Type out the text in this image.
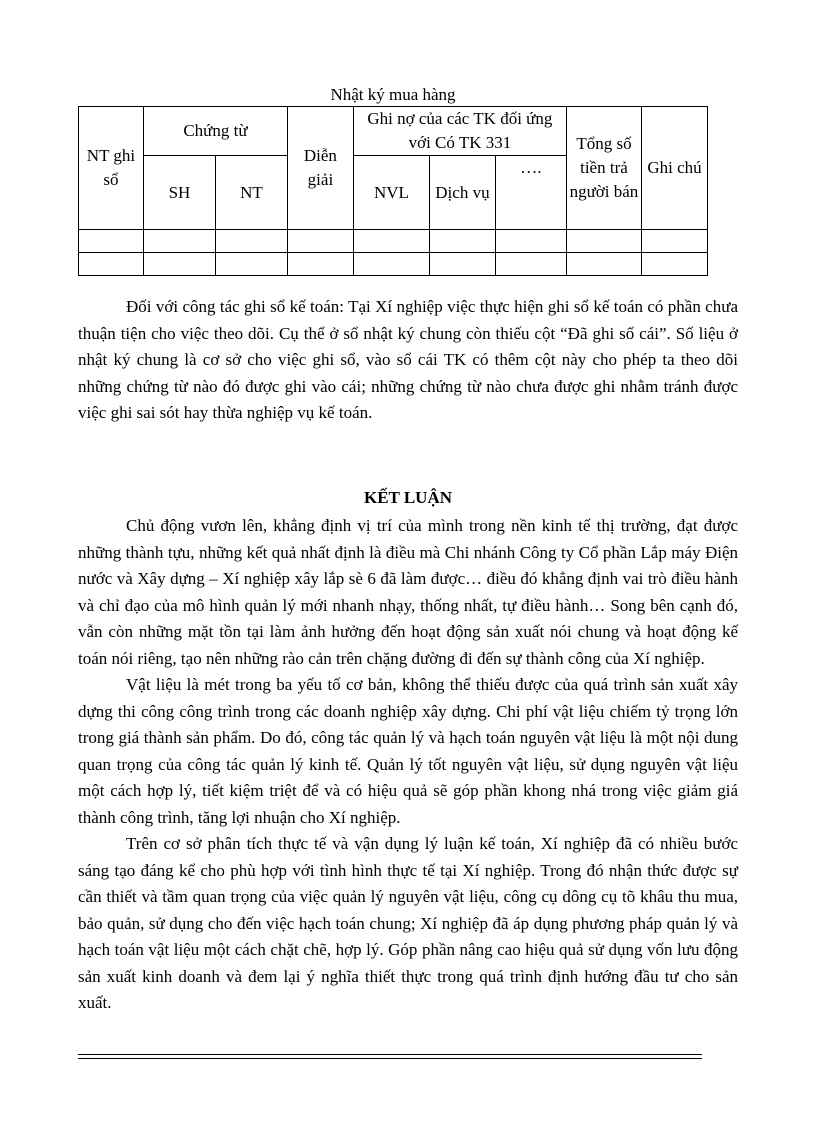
Nhật ký mua hàng
NT ghi sổ	Chứng từ		Diễn giải	Ghi nợ của các TK đối ứng với Có TK 331			Tổng số tiền trả người bán	Ghi chú
	SH	NT		NVL	Dịch vụ	….		

Đối với công tác ghi sổ kế toán: Tại Xí nghiệp việc thực hiện ghi sổ kế toán có phần chưa thuận tiện cho việc theo dõi. Cụ thể ở sổ nhật ký chung còn thiếu cột “Đã ghi sổ cái”. Số liệu ở nhật ký chung là cơ sở cho việc ghi sổ, vào sổ cái TK có thêm cột này cho phép ta theo dõi những chứng từ nào đó được ghi vào cái; những chứng từ nào chưa được ghi nhằm tránh được việc ghi sai sót hay thừa nghiệp vụ kế toán.

KẾT LUẬN

Chủ động vươn lên, khẳng định vị trí của mình trong nền kinh tế thị trường, đạt được những thành tựu, những kết quả nhất định là điều mà Chi nhánh Công ty Cổ phần Lắp máy Điện nước và Xây dựng – Xí nghiệp xây lắp sè 6 đã làm được… điều đó khẳng định vai trò điều hành và chỉ đạo của mô hình quản lý mới nhanh nhạy, thống nhất, tự điều hành… Song bên cạnh đó, vẫn còn những mặt tồn tại làm ảnh hưởng đến hoạt động sản xuất nói chung và hoạt động kế toán nói riêng, tạo nên những rào cản trên chặng đường đi đến sự thành công của Xí nghiệp.

Vật liệu là mét trong ba yếu tố cơ bản, không thể thiếu được của quá trình sản xuất xây dựng thi công công trình trong các doanh nghiệp xây dựng. Chi phí vật liệu chiếm tỷ trọng lớn trong giá thành sản phẩm. Do đó, công tác quản lý và hạch toán nguyên vật liệu là một nội dung quan trọng của công tác quản lý kinh tế. Quản lý tốt nguyên vật liệu, sử dụng nguyên vật liệu một cách hợp lý, tiết kiệm triệt để và có hiệu quả sẽ góp phần khong nhá trong việc giảm giá thành công trình, tăng lợi nhuận cho Xí nghiệp.

Trên cơ sở phân tích thực tế và vận dụng lý luận kế toán, Xí nghiệp đã có nhiều bước sáng tạo đáng kể cho phù hợp với tình hình thực tế tại Xí nghiệp. Trong đó nhận thức được sự cần thiết và tầm quan trọng của việc quản lý nguyên vật liệu, công cụ dông cụ tõ khâu thu mua, bảo quản, sử dụng cho đến việc hạch toán chung; Xí nghiệp đã áp dụng phương pháp quản lý và hạch toán vật liệu một cách chặt chẽ, hợp lý. Góp phần nâng cao hiệu quả sử dụng vốn lưu động sản xuất kinh doanh và đem lại ý nghĩa thiết thực trong quá trình định hướng đầu tư cho sản xuất.
